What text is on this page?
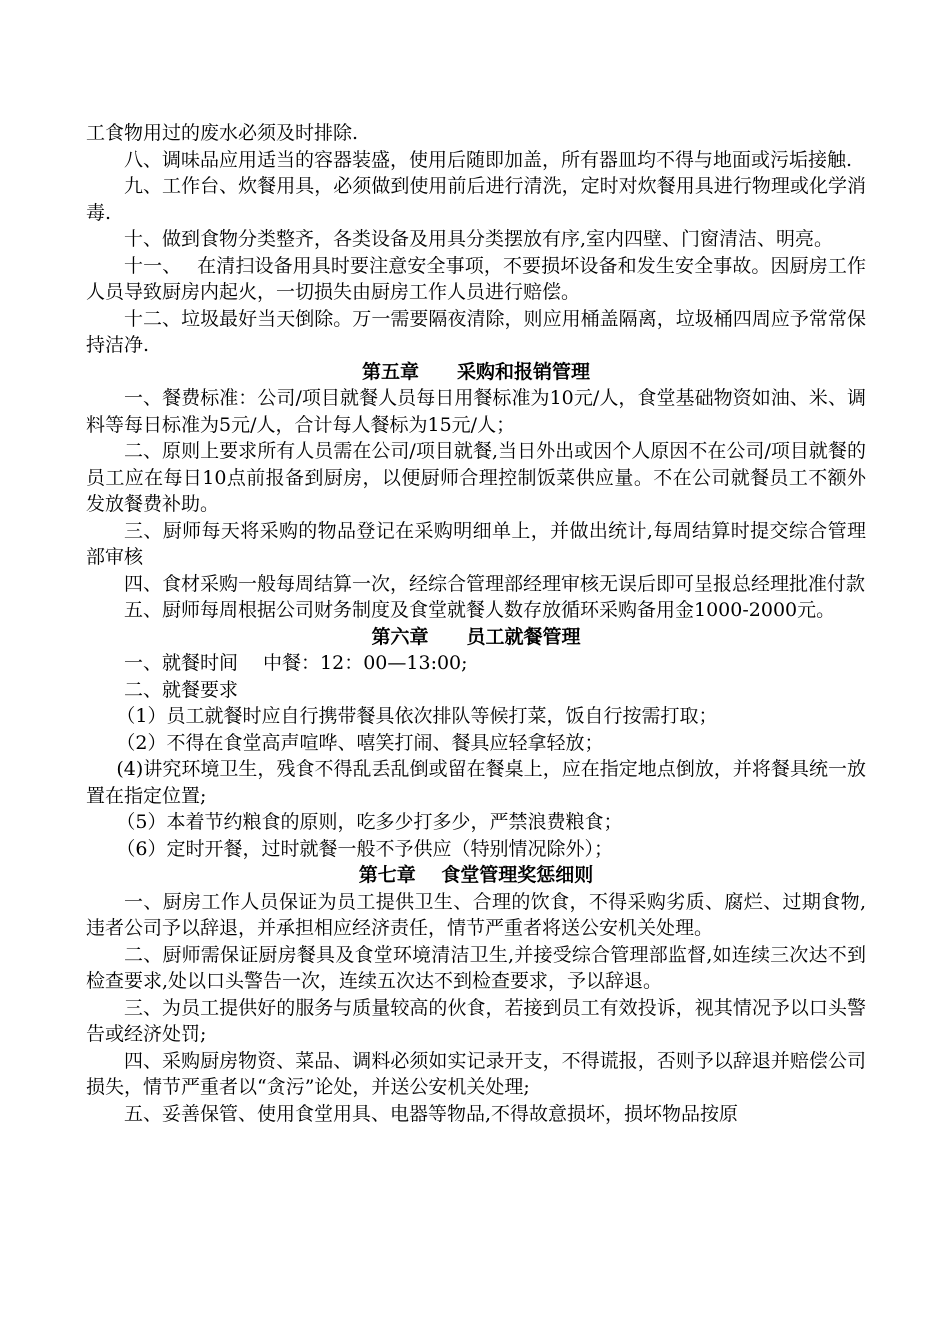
工食物用过的废水必须及时排除.

八、调味品应用适当的容器装盛，使用后随即加盖，所有器皿均不得与地面或污垢接触.

九、工作台、炊餐用具，必须做到使用前后进行清洗，定时对炊餐用具进行物理或化学消毒.

十、做到食物分类整齐，各类设备及用具分类摆放有序,室内四壁、门窗清洁、明亮。

十一、　 在清扫设备用具时要注意安全事项，不要损坏设备和发生安全事故。因厨房工作人员导致厨房内起火，一切损失由厨房工作人员进行赔偿。

十二、垃圾最好当天倒除。万一需要隔夜清除，则应用桶盖隔离，垃圾桶四周应予常常保持洁净.

第五章　　采购和报销管理

一、餐费标准：公司/项目就餐人员每日用餐标准为10元/人，食堂基础物资如油、米、调料等每日标准为5元/人，合计每人餐标为15元/人；

二、原则上要求所有人员需在公司/项目就餐,当日外出或因个人原因不在公司/项目就餐的员工应在每日10点前报备到厨房，以便厨师合理控制饭菜供应量。不在公司就餐员工不额外发放餐费补助。

三、厨师每天将采购的物品登记在采购明细单上，并做出统计,每周结算时提交综合管理部审核

四、食材采购一般每周结算一次，经综合管理部经理审核无误后即可呈报总经理批准付款

五、厨师每周根据公司财务制度及食堂就餐人数存放循环采购备用金1000-2000元。

第六章　　员工就餐管理

一、就餐时间　 中餐：12：00—13:00;

二、就餐要求

（1）员工就餐时应自行携带餐具依次排队等候打菜，饭自行按需打取；

（2）不得在食堂高声喧哗、嘻笑打闹、餐具应轻拿轻放；

(4)讲究环境卫生，残食不得乱丢乱倒或留在餐桌上，应在指定地点倒放，并将餐具统一放置在指定位置;

（5）本着节约粮食的原则，吃多少打多少，严禁浪费粮食；

（6）定时开餐，过时就餐一般不予供应（特别情况除外）；

第七章　 食堂管理奖惩细则

一、厨房工作人员保证为员工提供卫生、合理的饮食，不得采购劣质、腐烂、过期食物,违者公司予以辞退，并承担相应经济责任，情节严重者将送公安机关处理。

二、厨师需保证厨房餐具及食堂环境清洁卫生,并接受综合管理部监督,如连续三次达不到检查要求,处以口头警告一次，连续五次达不到检查要求，予以辞退。

三、为员工提供好的服务与质量较高的伙食，若接到员工有效投诉，视其情况予以口头警告或经济处罚;

四、采购厨房物资、菜品、调料必须如实记录开支，不得谎报，否则予以辞退并赔偿公司损失，情节严重者以“贪污”论处，并送公安机关处理;

五、妥善保管、使用食堂用具、电器等物品,不得故意损坏，损坏物品按原
